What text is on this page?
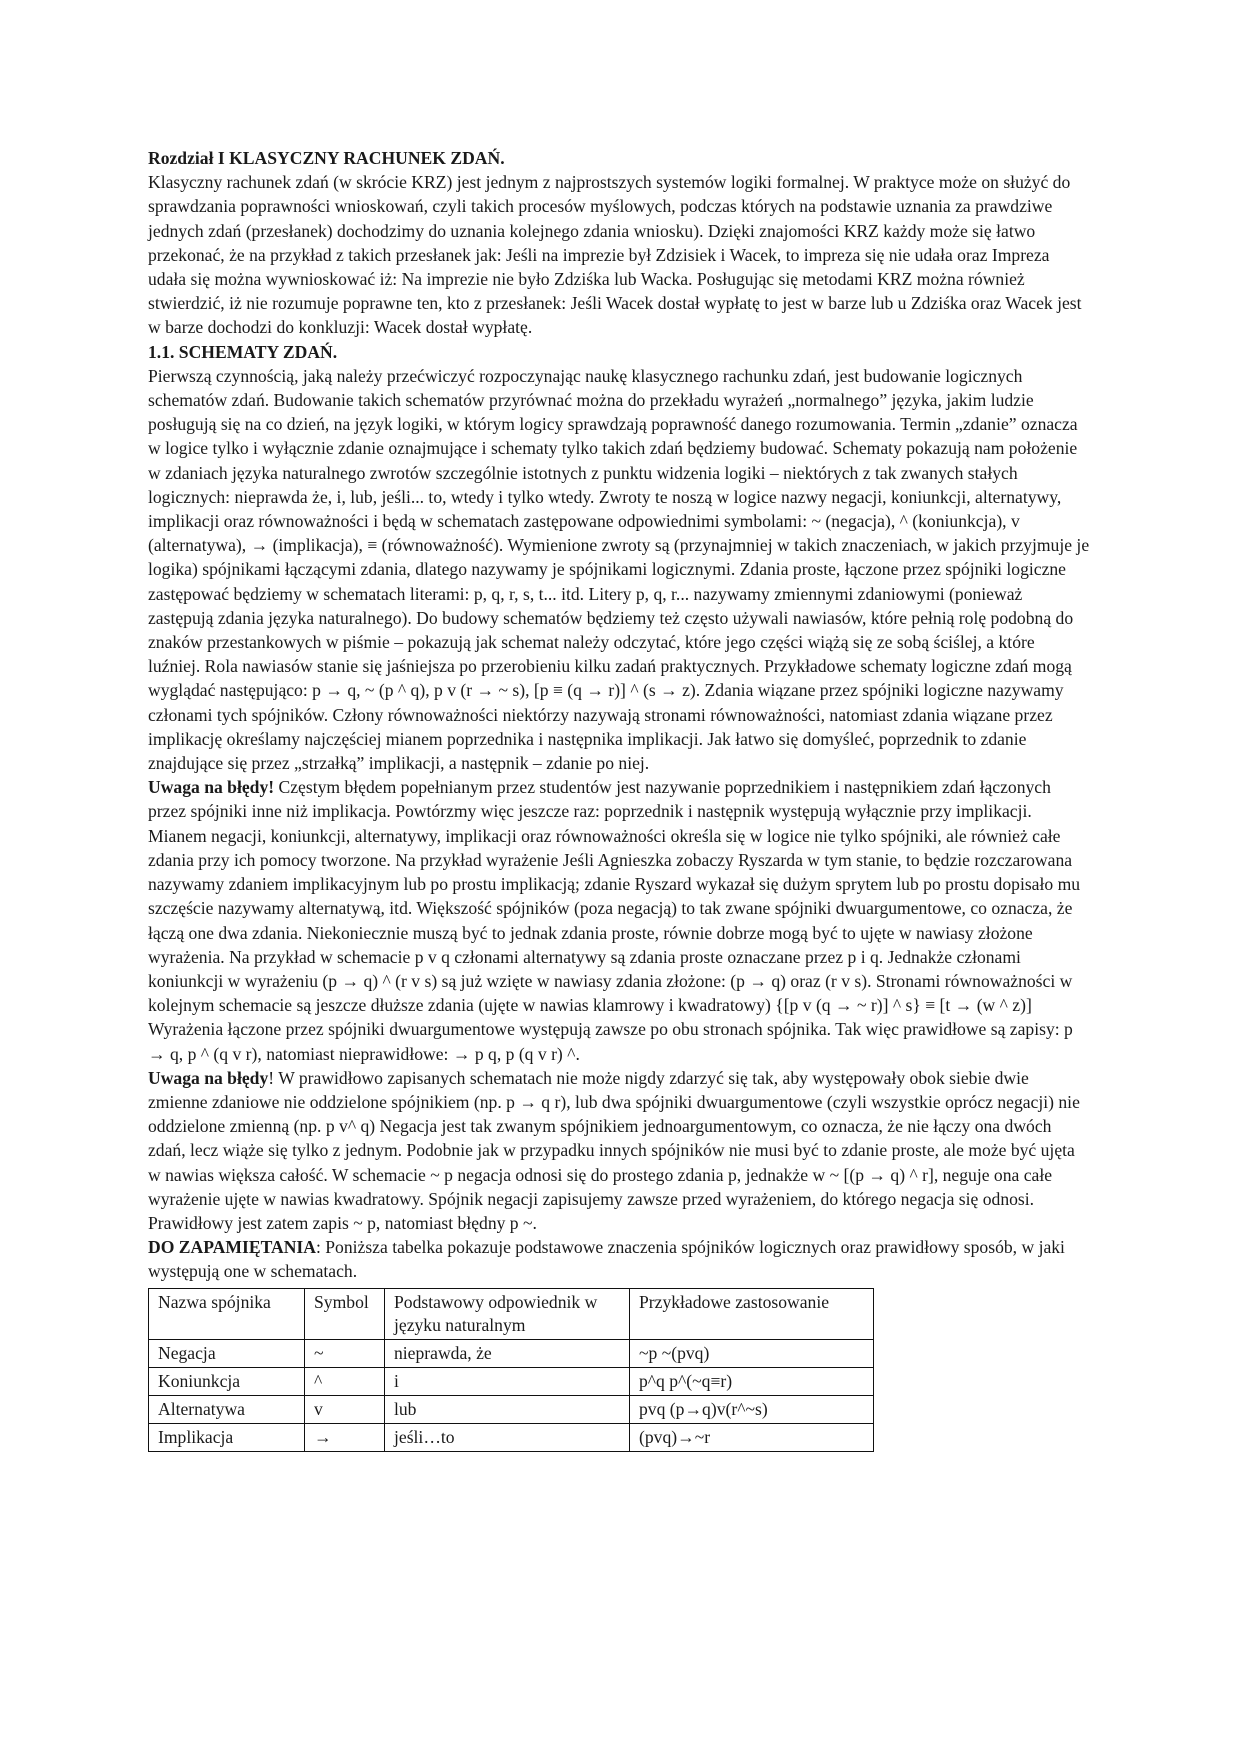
Rozdział I KLASYCZNY RACHUNEK ZDAŃ.

Klasyczny rachunek zdań (w skrócie KRZ) jest jednym z najprostszych systemów logiki formalnej. W praktyce może on służyć do sprawdzania poprawności wnioskowań, czyli takich procesów myślowych, podczas których na podstawie uznania za prawdziwe jednych zdań (przesłanek) dochodzimy do uznania kolejnego zdania wniosku). Dzięki znajomości KRZ każdy może się łatwo przekonać, że na przykład z takich przesłanek jak: Jeśli na imprezie był Zdzisiek i Wacek, to impreza się nie udała oraz Impreza udała się można wywnioskować iż: Na imprezie nie było Zdziśka lub Wacka. Posługując się metodami KRZ można również stwierdzić, iż nie rozumuje poprawne ten, kto z przesłanek: Jeśli Wacek dostał wypłatę to jest w barze lub u Zdziśka oraz Wacek jest w barze dochodzi do konkluzji: Wacek dostał wypłatę.

1.1. SCHEMATY ZDAŃ.

Pierwszą czynnością, jaką należy przećwiczyć rozpoczynając naukę klasycznego rachunku zdań, jest budowanie logicznych schematów zdań. Budowanie takich schematów przyrównać można do przekładu wyrażeń „normalnego” języka, jakim ludzie posługują się na co dzień, na język logiki, w którym logicy sprawdzają poprawność danego rozumowania. Termin „zdanie” oznacza w logice tylko i wyłącznie zdanie oznajmujące i schematy tylko takich zdań będziemy budować. Schematy pokazują nam położenie w zdaniach języka naturalnego zwrotów szczególnie istotnych z punktu widzenia logiki – niektórych z tak zwanych stałych logicznych: nieprawda że, i, lub, jeśli... to, wtedy i tylko wtedy. Zwroty te noszą w logice nazwy negacji, koniunkcji, alternatywy, implikacji oraz równoważności i będą w schematach zastępowane odpowiednimi symbolami: ~ (negacja), ^ (koniunkcja), v (alternatywa), → (implikacja), ≡ (równoważność). Wymienione zwroty są (przynajmniej w takich znaczeniach, w jakich przyjmuje je logika) spójnikami łączącymi zdania, dlatego nazywamy je spójnikami logicznymi. Zdania proste, łączone przez spójniki logiczne zastępować będziemy w schematach literami: p, q, r, s, t... itd. Litery p, q, r... nazywamy zmiennymi zdaniowymi (ponieważ zastępują zdania języka naturalnego). Do budowy schematów będziemy też często używali nawiasów, które pełnią rolę podobną do znaków przestankowych w piśmie – pokazują jak schemat należy odczytać, które jego części wiążą się ze sobą ściślej, a które luźniej. Rola nawiasów stanie się jaśniejsza po przerobieniu kilku zadań praktycznych. Przykładowe schematy logiczne zdań mogą wyglądać następująco: p → q, ~ (p ^ q), p v (r → ~ s), [p ≡ (q → r)] ^ (s → z). Zdania wiązane przez spójniki logiczne nazywamy członami tych spójników. Człony równoważności niektórzy nazywają stronami równoważności, natomiast zdania wiązane przez implikację określamy najczęściej mianem poprzednika i następnika implikacji. Jak łatwo się domyśleć, poprzednik to zdanie znajdujące się przez „strzałką” implikacji, a następnik – zdanie po niej.

Uwaga na błędy! Częstym błędem popełnianym przez studentów jest nazywanie poprzednikiem i następnikiem zdań łączonych przez spójniki inne niż implikacja. Powtórzmy więc jeszcze raz: poprzednik i następnik występują wyłącznie przy implikacji. Mianem negacji, koniunkcji, alternatywy, implikacji oraz równoważności określa się w logice nie tylko spójniki, ale również całe zdania przy ich pomocy tworzone. Na przykład wyrażenie Jeśli Agnieszka zobaczy Ryszarda w tym stanie, to będzie rozczarowana nazywamy zdaniem implikacyjnym lub po prostu implikacją; zdanie Ryszard wykazał się dużym sprytem lub po prostu dopisało mu szczęście nazywamy alternatywą, itd. Większość spójników (poza negacją) to tak zwane spójniki dwuargumentowe, co oznacza, że łączą one dwa zdania. Niekoniecznie muszą być to jednak zdania proste, równie dobrze mogą być to ujęte w nawiasy złożone wyrażenia. Na przykład w schemacie p v q członami alternatywy są zdania proste oznaczane przez p i q. Jednakże członami koniunkcji w wyrażeniu (p → q) ^ (r v s) są już wzięte w nawiasy zdania złożone: (p → q) oraz (r v s). Stronami równoważności w kolejnym schemacie są jeszcze dłuższe zdania (ujęte w nawias klamrowy i kwadratowy) {[p v (q → ~ r)] ^ s} ≡ [t → (w ^ z)] Wyrażenia łączone przez spójniki dwuargumentowe występują zawsze po obu stronach spójnika. Tak więc prawidłowe są zapisy: p → q, p ^ (q v r), natomiast nieprawidłowe: → p q, p (q v r) ^.

Uwaga na błędy! W prawidłowo zapisanych schematach nie może nigdy zdarzyć się tak, aby występowały obok siebie dwie zmienne zdaniowe nie oddzielone spójnikiem (np. p → q r), lub dwa spójniki dwuargumentowe (czyli wszystkie oprócz negacji) nie oddzielone zmienną (np. p v^ q) Negacja jest tak zwanym spójnikiem jednoargumentowym, co oznacza, że nie łączy ona dwóch zdań, lecz wiąże się tylko z jednym. Podobnie jak w przypadku innych spójników nie musi być to zdanie proste, ale może być ujęta w nawias większa całość. W schemacie ~ p negacja odnosi się do prostego zdania p, jednakże w ~ [(p → q) ^ r], neguje ona całe wyrażenie ujęte w nawias kwadratowy. Spójnik negacji zapisujemy zawsze przed wyrażeniem, do którego negacja się odnosi. Prawidłowy jest zatem zapis ~ p, natomiast błędny p ~.

DO ZAPAMIĘTANIA: Poniższa tabelka pokazuje podstawowe znaczenia spójników logicznych oraz prawidłowy sposób, w jaki występują one w schematach.

Nazwa spójnika	Symbol	Podstawowy odpowiednik w języku naturalnym	Przykładowe zastosowanie
Negacja	~	nieprawda, że	~p ~(pvq)
Koniunkcja	^	i	p^q p^(~q≡r)
Alternatywa	v	lub	pvq (p→q)v(r^~s)
Implikacja	→	jeśli…to	(pvq)→~r
